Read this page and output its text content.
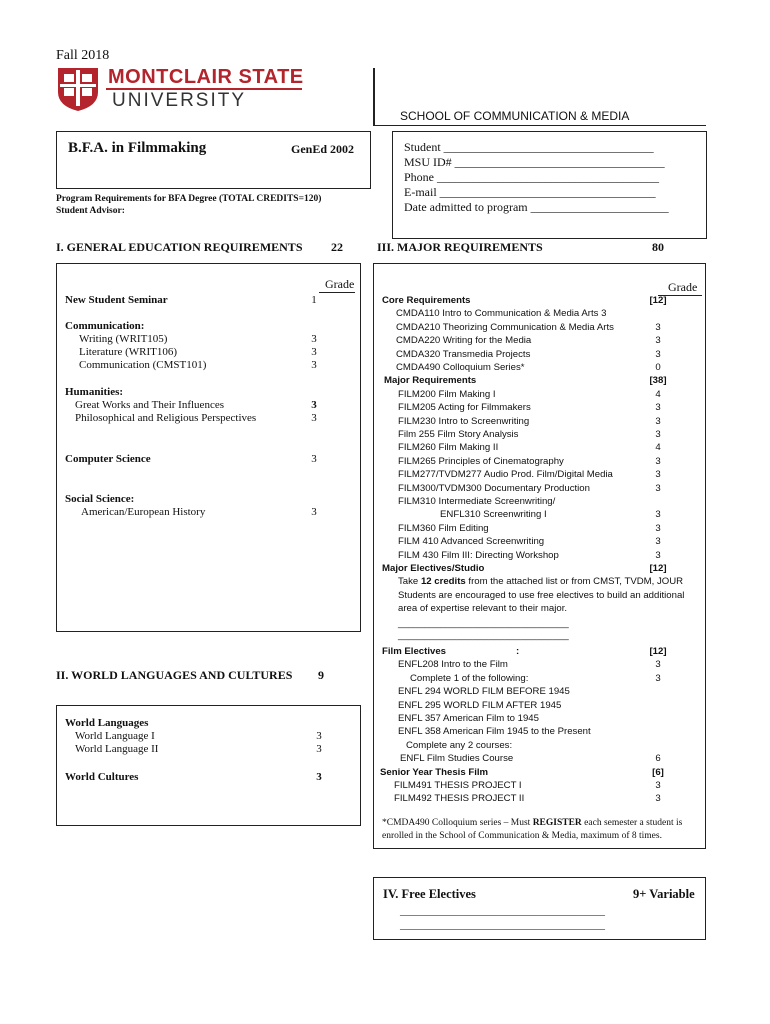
Fall 2018
MONTCLAIR STATE
UNIVERSITY
SCHOOL OF COMMUNICATION & MEDIA
B.F.A. in Filmmaking	GenEd 2002
Program Requirements for BFA Degree (TOTAL CREDITS=120)
Student Advisor:
Student ___________________________________
MSU ID# ___________________________________
Phone _____________________________________
E-mail ____________________________________
Date admitted to program _______________________
I. GENERAL EDUCATION REQUIREMENTS 22
Grade
New Student Seminar	1
Communication:
Writing (WRIT105)	3
Literature (WRIT106)	3
Communication (CMST101)	3
Humanities:
Great Works and Their Influences	3
Philosophical and Religious Perspectives	3
Computer Science	3
Social Science:
American/European History	3
II. WORLD LANGUAGES AND CULTURES 9
World Languages
World Language I	3
World Language II	3
World Cultures	3
III. MAJOR REQUIREMENTS	80
Grade
Core Requirements	[12]
CMDA110 Intro to Communication & Media Arts 3
CMDA210 Theorizing Communication & Media Arts	3
CMDA220 Writing for the Media	3
CMDA320 Transmedia Projects	3
CMDA490 Colloquium Series*	0
Major Requirements	[38]
FILM200 Film Making I	4
FILM205 Acting for Filmmakers	3
FILM230 Intro to Screenwriting	3
Film 255 Film Story Analysis	3
FILM260 Film Making II	4
FILM265 Principles of Cinematography	3
FILM277/TVDM277 Audio Prod. Film/Digital Media	3
FILM300/TVDM300 Documentary Production	3
FILM310 Intermediate Screenwriting/
ENFL310 Screenwriting I	3
FILM360 Film Editing	3
FILM 410 Advanced Screenwriting	3
FILM 430 Film III: Directing Workshop	3
Major Electives/Studio	[12]
Take 12 credits from the attached list or from CMST, TVDM, JOUR
Students are encouraged to use free electives to build an additional
area of expertise relevant to their major.
________________________________
________________________________
Film Electives	:	[12]
ENFL208 Intro to the Film	3
Complete 1 of the following:	3
ENFL 294 WORLD FILM BEFORE 1945
ENFL 295 WORLD FILM AFTER 1945
ENFL 357 American Film to 1945
ENFL 358 American Film 1945 to the Present
Complete any 2 courses:
ENFL Film Studies Course	6
Senior Year Thesis Film	[6]
FILM491 THESIS PROJECT I	3
FILM492 THESIS PROJECT II	3
*CMDA490 Colloquium series – Must REGISTER each semester a student is
enrolled in the School of Communication & Media, maximum of 8 times.
IV. Free Electives	9+ Variable
_________________________________________
_________________________________________
